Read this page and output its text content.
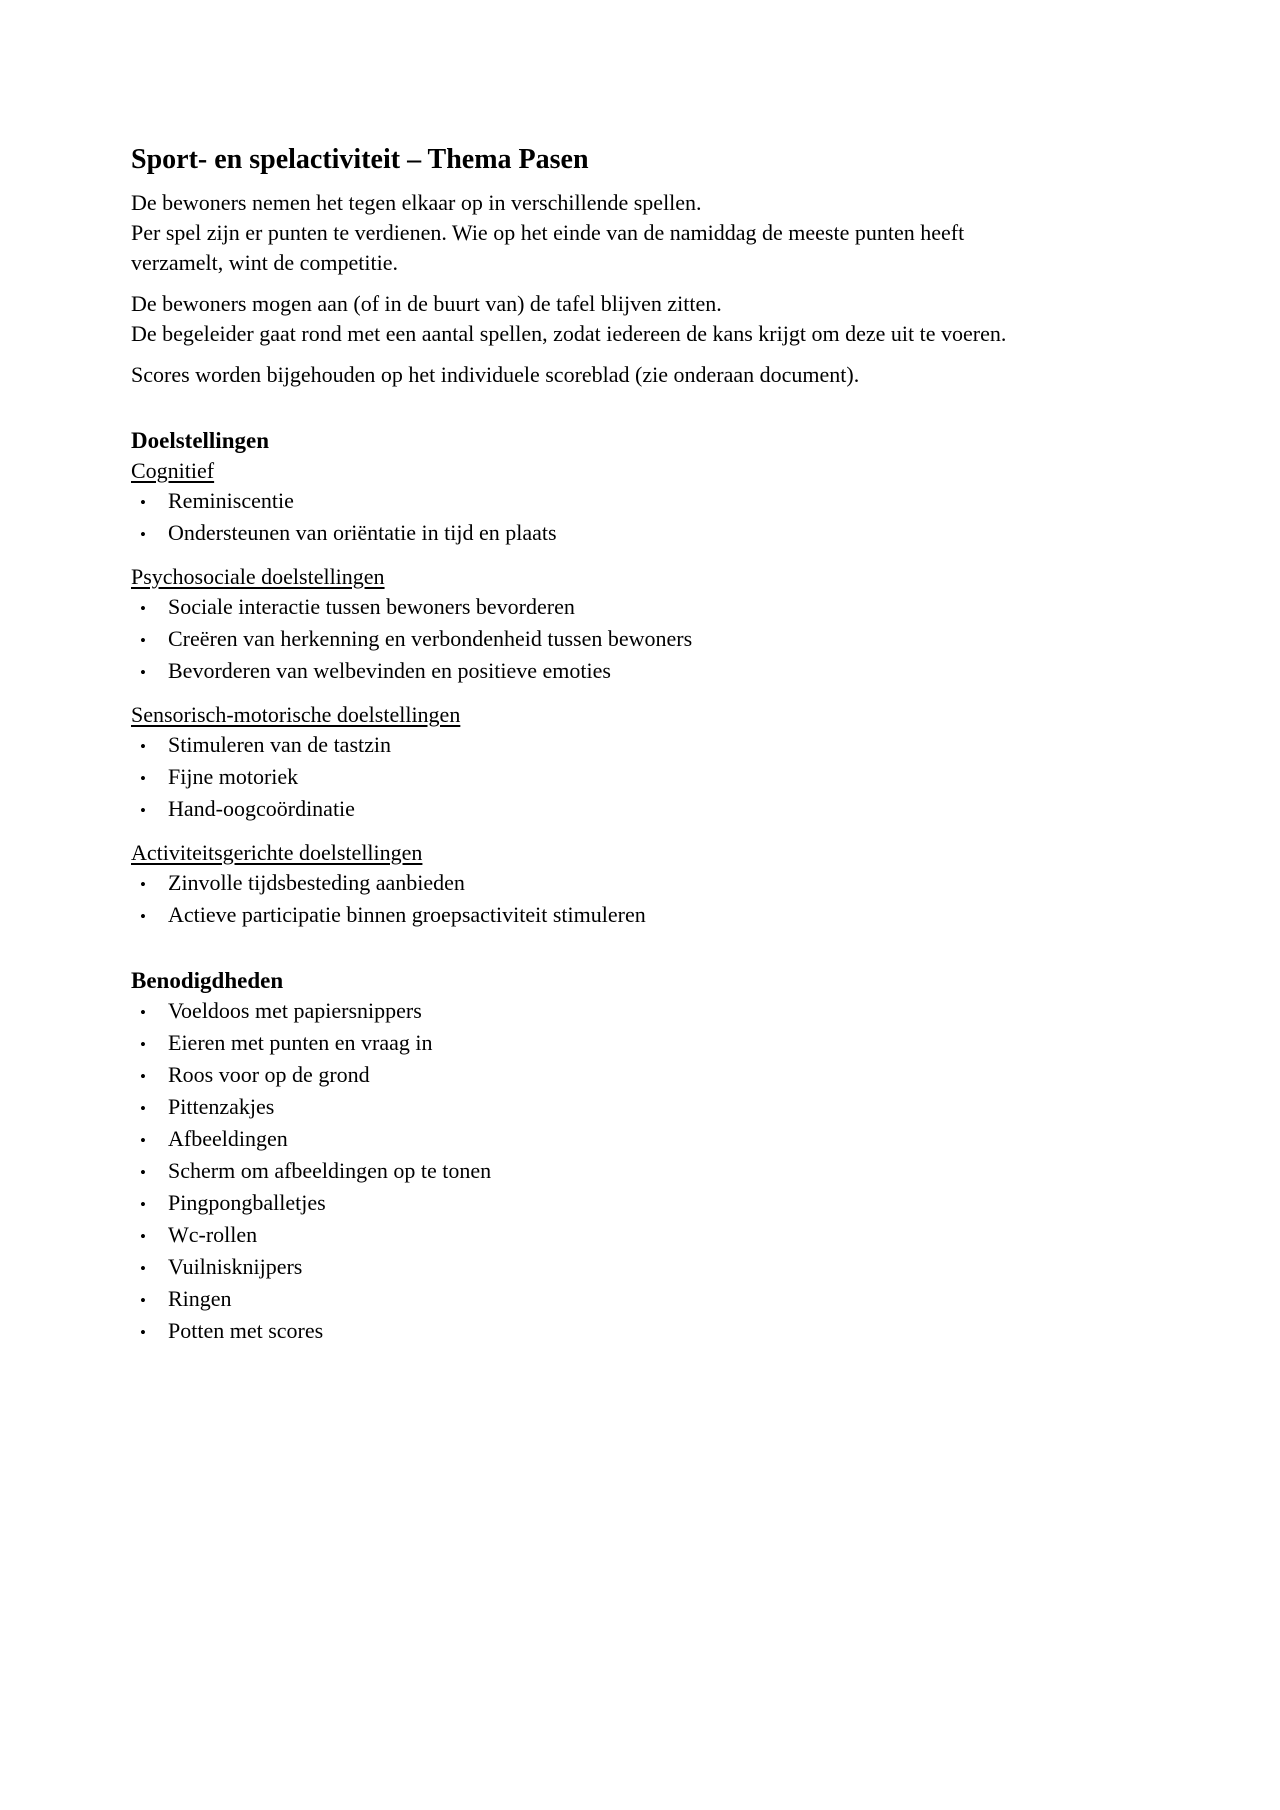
Sport- en spelactiviteit – Thema Pasen
De bewoners nemen het tegen elkaar op in verschillende spellen.
Per spel zijn er punten te verdienen. Wie op het einde van de namiddag de meeste punten heeft
verzamelt, wint de competitie.
De bewoners mogen aan (of in de buurt van) de tafel blijven zitten.
De begeleider gaat rond met een aantal spellen, zodat iedereen de kans krijgt om deze uit te voeren.
Scores worden bijgehouden op het individuele scoreblad (zie onderaan document).
Doelstellingen
Cognitief
•	Reminiscentie
•	Ondersteunen van oriëntatie in tijd en plaats
Psychosociale doelstellingen
•	Sociale interactie tussen bewoners bevorderen
•	Creëren van herkenning en verbondenheid tussen bewoners
•	Bevorderen van welbevinden en positieve emoties
Sensorisch-motorische doelstellingen
•	Stimuleren van de tastzin
•	Fijne motoriek
•	Hand-oogcoördinatie
Activiteitsgerichte doelstellingen
•	Zinvolle tijdsbesteding aanbieden
•	Actieve participatie binnen groepsactiviteit stimuleren
Benodigdheden
•	Voeldoos met papiersnippers
•	Eieren met punten en vraag in
•	Roos voor op de grond
•	Pittenzakjes
•	Afbeeldingen
•	Scherm om afbeeldingen op te tonen
•	Pingpongballetjes
•	Wc-rollen
•	Vuilnisknijpers
•	Ringen
•	Potten met scores
